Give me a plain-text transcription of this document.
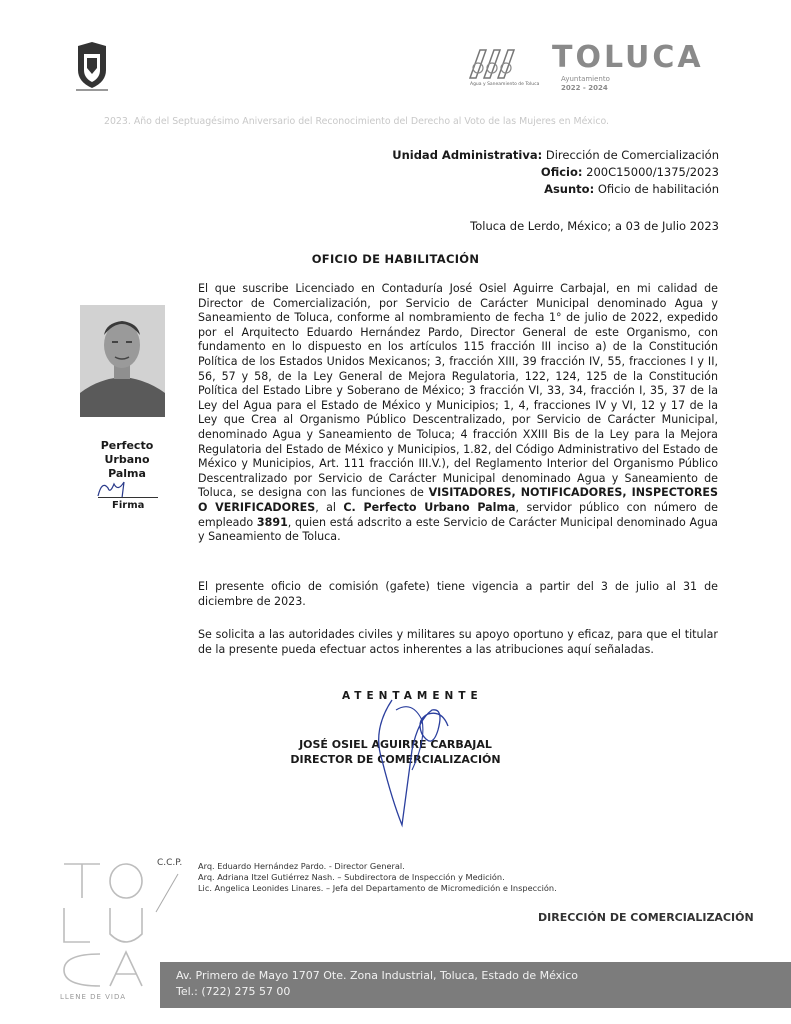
Agua y Saneamiento de Toluca
TOLUCA
Ayuntamiento
2022 - 2024
2023. Año del Septuagésimo Aniversario del Reconocimiento del Derecho al Voto de las Mujeres en México.
Unidad Administrativa: Dirección de Comercialización
Oficio: 200C15000/1375/2023
Asunto: Oficio de habilitación
Toluca de Lerdo, México; a 03 de Julio 2023
OFICIO DE HABILITACIÓN
El que suscribe Licenciado en Contaduría José Osiel Aguirre Carbajal, en mi calidad de Director de Comercialización, por Servicio de Carácter Municipal denominado Agua y Saneamiento de Toluca, conforme al nombramiento de fecha 1° de julio de 2022, expedido por el Arquitecto Eduardo Hernández Pardo, Director General de este Organismo, con fundamento en lo dispuesto en los artículos 115 fracción III inciso a) de la Constitución Política de los Estados Unidos Mexicanos; 3, fracción XIII, 39 fracción IV, 55, fracciones I y II, 56, 57 y 58, de la Ley General de Mejora Regulatoria, 122, 124, 125 de la Constitución Política del Estado Libre y Soberano de México; 3 fracción VI, 33, 34, fracción I, 35, 37 de la Ley del Agua para el Estado de México y Municipios; 1, 4, fracciones IV y VI, 12 y 17 de la Ley que Crea al Organismo Público Descentralizado, por Servicio de Carácter Municipal, denominado Agua y Saneamiento de Toluca; 4 fracción XXIII Bis de la Ley para la Mejora Regulatoria del Estado de México y Municipios, 1.82, del Código Administrativo del Estado de México y Municipios, Art. 111 fracción III.V.), del Reglamento Interior del Organismo Público Descentralizado por Servicio de Carácter Municipal denominado Agua y Saneamiento de Toluca, se designa con las funciones de VISITADORES, NOTIFICADORES, INSPECTORES O VERIFICADORES, al C. Perfecto Urbano Palma, servidor público con número de empleado 3891, quien está adscrito a este Servicio de Carácter Municipal denominado Agua y Saneamiento de Toluca.
El presente oficio de comisión (gafete) tiene vigencia a partir del 3 de julio al 31 de diciembre de 2023.
Se solicita a las autoridades civiles y militares su apoyo oportuno y eficaz, para que el titular de la presente pueda efectuar actos inherentes a las atribuciones aquí señaladas.
Perfecto
Urbano
Palma
Firma
ATENTAMENTE
JOSÉ OSIEL AGUIRRE CARBAJAL
DIRECTOR DE COMERCIALIZACIÓN
LLENE DE VIDA
C.C.P. Arq. Eduardo Hernández Pardo. - Director General.
Arq. Adriana Itzel Gutiérrez Nash. – Subdirectora de Inspección y Medición.
Lic. Angelica Leonides Linares. – Jefa del Departamento de Micromedición e Inspección.
DIRECCIÓN DE COMERCIALIZACIÓN
Av. Primero de Mayo 1707 Ote. Zona Industrial, Toluca, Estado de México
Tel.: (722) 275 57 00
